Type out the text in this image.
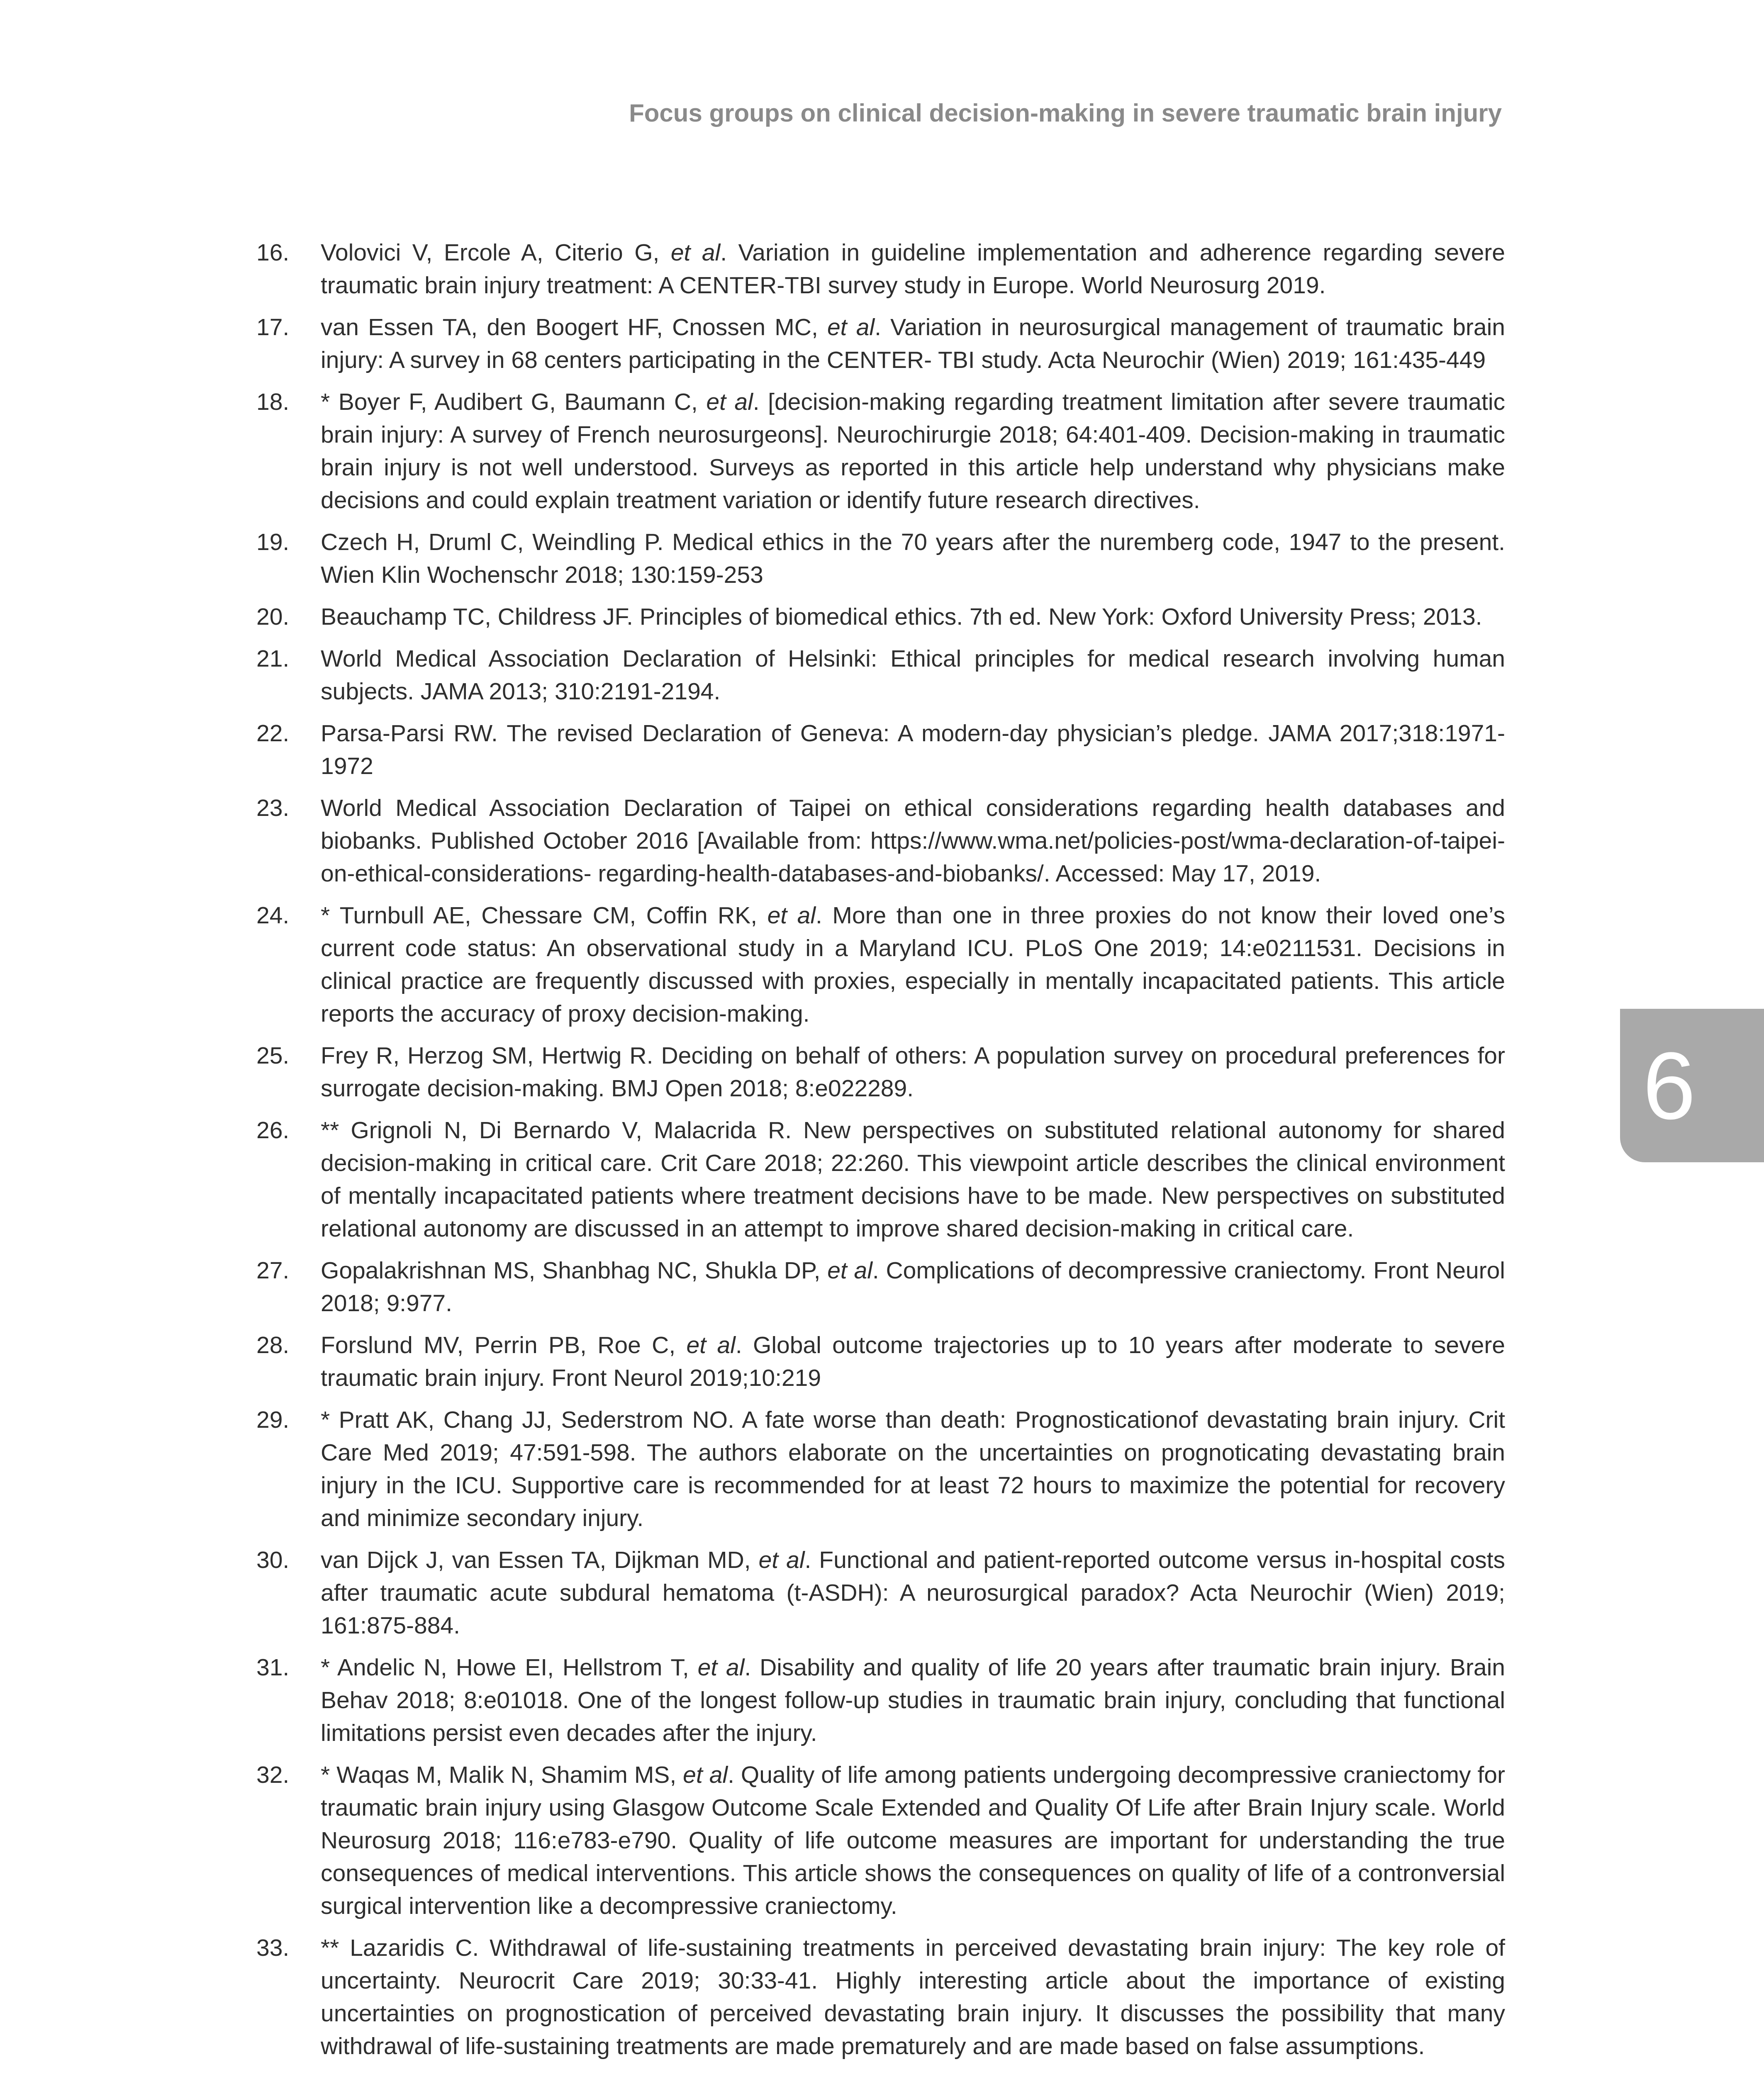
Focus groups on clinical decision-making in severe traumatic brain injury
16.	Volovici V, Ercole A, Citerio G, et al. Variation in guideline implementation and adherence regarding severe traumatic brain injury treatment: A CENTER-TBI survey study in Europe. World Neurosurg 2019.
17.	van Essen TA, den Boogert HF, Cnossen MC, et al. Variation in neurosurgical management of traumatic brain injury: A survey in 68 centers participating in the CENTER- TBI study. Acta Neurochir (Wien) 2019; 161:435-449
18.	* Boyer F, Audibert G, Baumann C, et al. [decision-making regarding treatment limitation after severe traumatic brain injury: A survey of French neurosurgeons]. Neurochirurgie 2018; 64:401-409. Decision-making in traumatic brain injury is not well understood. Surveys as reported in this article help understand why physicians make decisions and could explain treatment variation or identify future research directives.
19.	Czech H, Druml C, Weindling P. Medical ethics in the 70 years after the nuremberg code, 1947 to the present. Wien Klin Wochenschr 2018; 130:159-253
20.	Beauchamp TC, Childress JF. Principles of biomedical ethics. 7th ed. New York: Oxford University Press; 2013.
21.	World Medical Association Declaration of Helsinki: Ethical principles for medical research involving human subjects. JAMA 2013; 310:2191-2194.
22.	Parsa-Parsi RW. The revised Declaration of Geneva: A modern-day physician’s pledge. JAMA 2017;318:1971-1972
23.	World Medical Association Declaration of Taipei on ethical considerations regarding health databases and biobanks. Published October 2016 [Available from: https://www.wma.net/policies-post/wma-declaration-of-taipei-on-ethical-considerations- regarding-health-databases-and-biobanks/. Accessed: May 17, 2019.
24.	* Turnbull AE, Chessare CM, Coffin RK, et al. More than one in three proxies do not know their loved one’s current code status: An observational study in a Maryland ICU. PLoS One 2019; 14:e0211531. Decisions in clinical practice are frequently discussed with proxies, especially in mentally incapacitated patients. This article reports the accuracy of proxy decision-making.
25.	Frey R, Herzog SM, Hertwig R. Deciding on behalf of others: A population survey on procedural preferences for surrogate decision-making. BMJ Open 2018; 8:e022289.
26.	** Grignoli N, Di Bernardo V, Malacrida R. New perspectives on substituted relational autonomy for shared decision-making in critical care. Crit Care 2018; 22:260. This viewpoint article describes the clinical environment of mentally incapacitated patients where treatment decisions have to be made. New perspectives on substituted relational autonomy are discussed in an attempt to improve shared decision-making in critical care.
27.	Gopalakrishnan MS, Shanbhag NC, Shukla DP, et al. Complications of decompressive craniectomy. Front Neurol 2018; 9:977.
28.	Forslund MV, Perrin PB, Roe C, et al. Global outcome trajectories up to 10 years after moderate to severe traumatic brain injury. Front Neurol 2019;10:219
29.	* Pratt AK, Chang JJ, Sederstrom NO. A fate worse than death: Prognosticationof devastating brain injury. Crit Care Med 2019; 47:591-598. The authors elaborate on the uncertainties on prognoticating devastating brain injury in the ICU. Supportive care is recommended for at least 72 hours to maximize the potential for recovery and minimize secondary injury.
30.	van Dijck J, van Essen TA, Dijkman MD, et al. Functional and patient-reported outcome versus in-hospital costs after traumatic acute subdural hematoma (t-ASDH): A neurosurgical paradox? Acta Neurochir (Wien) 2019; 161:875-884.
31.	* Andelic N, Howe EI, Hellstrom T, et al. Disability and quality of life 20 years after traumatic brain injury. Brain Behav 2018; 8:e01018. One of the longest follow-up studies in traumatic brain injury, concluding that functional limitations persist even decades after the injury.
32.	* Waqas M, Malik N, Shamim MS, et al. Quality of life among patients undergoing decompressive craniectomy for traumatic brain injury using Glasgow Outcome Scale Extended and Quality Of Life after Brain Injury scale. World Neurosurg 2018; 116:e783-e790. Quality of life outcome measures are important for understanding the true consequences of medical interventions. This article shows the consequences on quality of life of a contronversial surgical intervention like a decompressive craniectomy.
33.	** Lazaridis C. Withdrawal of life-sustaining treatments in perceived devastating brain injury: The key role of uncertainty. Neurocrit Care 2019; 30:33-41. Highly interesting article about the importance of existing uncertainties on prognostication of perceived devastating brain injury. It discusses the possibility that many withdrawal of life-sustaining treatments are made prematurely and are made based on false assumptions.
6
